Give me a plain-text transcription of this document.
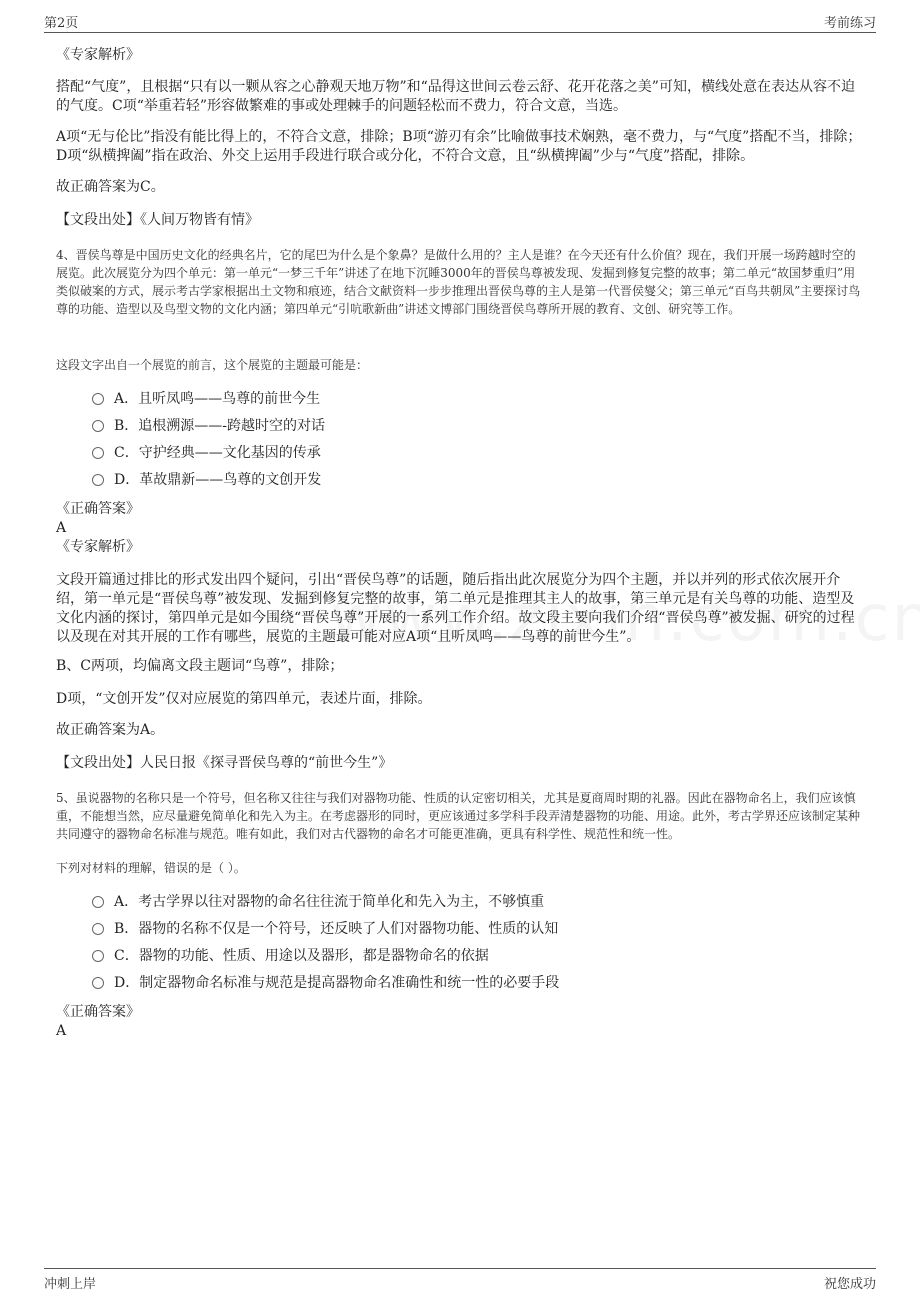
第2页	考前练习

《专家解析》

搭配“气度”，且根据“只有以一颗从容之心静观天地万物”和“品得这世间云卷云舒、花开花落之美”可知，横线处意在表达从容不迫的气度。C项“举重若轻”形容做繁难的事或处理棘手的问题轻松而不费力，符合文意，当选。

A项“无与伦比”指没有能比得上的，不符合文意，排除；B项“游刃有余”比喻做事技术娴熟，毫不费力，与“气度”搭配不当，排除；D项“纵横捭阖”指在政治、外交上运用手段进行联合或分化，不符合文意，且“纵横捭阖”少与“气度”搭配，排除。

故正确答案为C。

【文段出处】《人间万物皆有情》

4、晋侯鸟尊是中国历史文化的经典名片，它的尾巴为什么是个象鼻？是做什么用的？主人是谁？在今天还有什么价值？现在，我们开展一场跨越时空的展览。此次展览分为四个单元：第一单元“一梦三千年”讲述了在地下沉睡3000年的晋侯鸟尊被发现、发掘到修复完整的故事；第二单元“故国梦重归”用类似破案的方式，展示考古学家根据出土文物和痕迹，结合文献资料一步步推理出晋侯鸟尊的主人是第一代晋侯燮父；第三单元“百鸟共朝凤”主要探讨鸟尊的功能、造型以及鸟型文物的文化内涵；第四单元“引吭歌新曲”讲述文博部门围绕晋侯鸟尊所开展的教育、文创、研究等工作。

这段文字出自一个展览的前言，这个展览的主题最可能是：

A．且听凤鸣——鸟尊的前世今生
B．追根溯源——-跨越时空的对话
C．守护经典——文化基因的传承
D．革故鼎新——鸟尊的文创开发

《正确答案》

A

《专家解析》

文段开篇通过排比的形式发出四个疑问，引出“晋侯鸟尊”的话题，随后指出此次展览分为四个主题，并以并列的形式依次展开介绍，第一单元是“晋侯鸟尊”被发现、发掘到修复完整的故事，第二单元是推理其主人的故事，第三单元是有关鸟尊的功能、造型及文化内涵的探讨，第四单元是如今围绕“晋侯鸟尊”开展的一系列工作介绍。故文段主要向我们介绍“晋侯鸟尊”被发掘、研究的过程以及现在对其开展的工作有哪些，展览的主题最可能对应A项“且听凤鸣——鸟尊的前世今生”。

B、C两项，均偏离文段主题词“鸟尊”，排除；

D项，“文创开发”仅对应展览的第四单元，表述片面，排除。

故正确答案为A。

【文段出处】人民日报《探寻晋侯鸟尊的“前世今生”》

5、虽说器物的名称只是一个符号，但名称又往往与我们对器物功能、性质的认定密切相关，尤其是夏商周时期的礼器。因此在器物命名上，我们应该慎重，不能想当然，应尽量避免简单化和先入为主。在考虑器形的同时，更应该通过多学科手段弄清楚器物的功能、用途。此外，考古学界还应该制定某种共同遵守的器物命名标准与规范。唯有如此，我们对古代器物的命名才可能更准确，更具有科学性、规范性和统一性。

下列对材料的理解，错误的是（ ）。

A．考古学界以往对器物的命名往往流于简单化和先入为主，不够慎重
B．器物的名称不仅是一个符号，还反映了人们对器物功能、性质的认知
C．器物的功能、性质、用途以及器形，都是器物命名的依据
D．制定器物命名标准与规范是提高器物命名准确性和统一性的必要手段

《正确答案》

A

冲刺上岸	祝您成功
